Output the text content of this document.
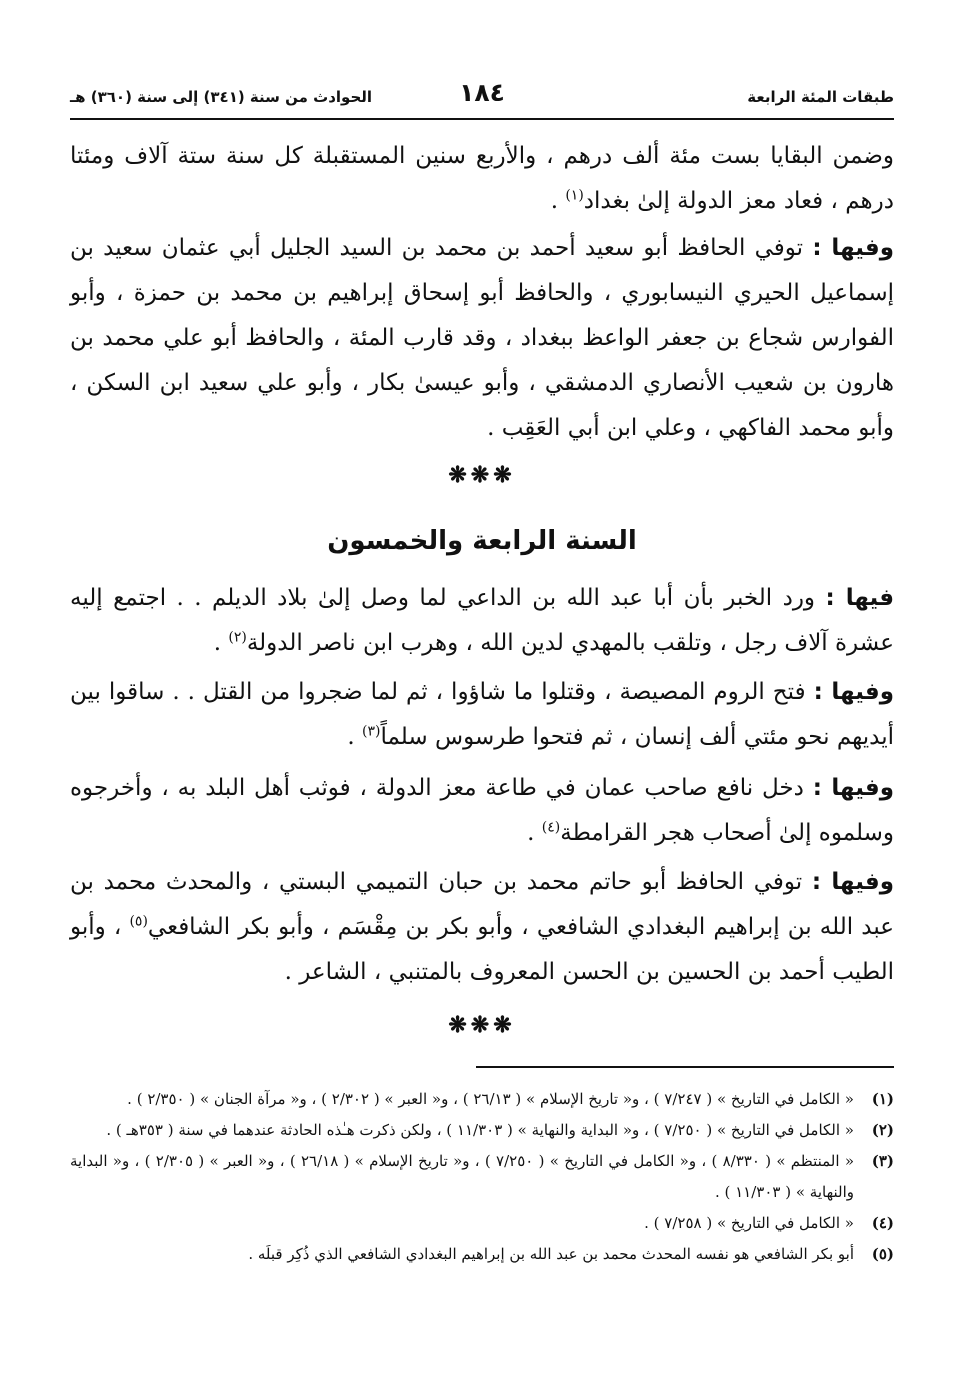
طبقات المئة الرابعة
١٨٤
الحوادث من سنة (٣٤١) إلى سنة (٣٦٠) هـ

وضمن البقايا بست مئة ألف درهم ، والأربع سنين المستقبلة كل سنة ستة آلاف ومئتا درهم ، فعاد معز الدولة إلىٰ بغداد$^{(١)}$ .

وفيها : توفي الحافظ أبو سعيد أحمد بن محمد بن السيد الجليل أبي عثمان سعيد بن إسماعيل الحيري النيسابوري ، والحافظ أبو إسحاق إبراهيم بن محمد بن حمزة ، وأبو الفوارس شجاع بن جعفر الواعظ ببغداد ، وقد قارب المئة ، والحافظ أبو علي محمد بن هارون بن شعيب الأنصاري الدمشقي ، وأبو عيسىٰ بكار ، وأبو علي سعيد ابن السكن ، وأبو محمد الفاكهي ، وعلي ابن أبي العَقِب .

❋❋❋
السنة الرابعة والخمسون

فيها : ورد الخبر بأن أبا عبد الله بن الداعي لما وصل إلىٰ بلاد الديلم . . اجتمع إليه عشرة آلاف رجل ، وتلقب بالمهدي لدين الله ، وهرب ابن ناصر الدولة$^{(٢)}$ .

وفيها : فتح الروم المصيصة ، وقتلوا ما شاؤوا ، ثم لما ضجروا من القتل . . ساقوا بين أيديهم نحو مئتي ألف إنسان ، ثم فتحوا طرسوس سلماً$^{(٣)}$ .

وفيها : دخل نافع صاحب عمان في طاعة معز الدولة ، فوثب أهل البلد به ، وأخرجوه وسلموه إلىٰ أصحاب هجر القرامطة$^{(٤)}$ .

وفيها : توفي الحافظ أبو حاتم محمد بن حبان التميمي البستي ، والمحدث محمد بن عبد الله بن إبراهيم البغدادي الشافعي ، وأبو بكر بن مِقْسَم ، وأبو بكر الشافعي$^{(٥)}$ ، وأبو الطيب أحمد بن الحسين بن الحسن المعروف بالمتنبي ، الشاعر .

❋❋❋
(١)
« الكامل في التاريخ » ( ٧/٢٤٧ ) ، و« تاريخ الإسلام » ( ٢٦/١٣ ) ، و« العبر » ( ٢/٣٠٢ ) ، و« مرآة الجنان » ( ٢/٣٥٠ ) .
(٢)
« الكامل في التاريخ » ( ٧/٢٥٠ ) ، و« البداية والنهاية » ( ١١/٣٠٣ ) ، ولكن ذكرت هـٰذه الحادثة عندهما في سنة ( ٣٥٣هـ ) .
(٣)
« المنتظم » ( ٨/٣٣٠ ) ، و« الكامل في التاريخ » ( ٧/٢٥٠ ) ، و« تاريخ الإسلام » ( ٢٦/١٨ ) ، و« العبر » ( ٢/٣٠٥ ) ، و« البداية والنهاية » ( ١١/٣٠٣ ) .
(٤)
« الكامل في التاريخ » ( ٧/٢٥٨ ) .
(٥)
أبو بكر الشافعي هو نفسه المحدث محمد بن عبد الله بن إبراهيم البغدادي الشافعي الذي ذُكِر قبلَه .
